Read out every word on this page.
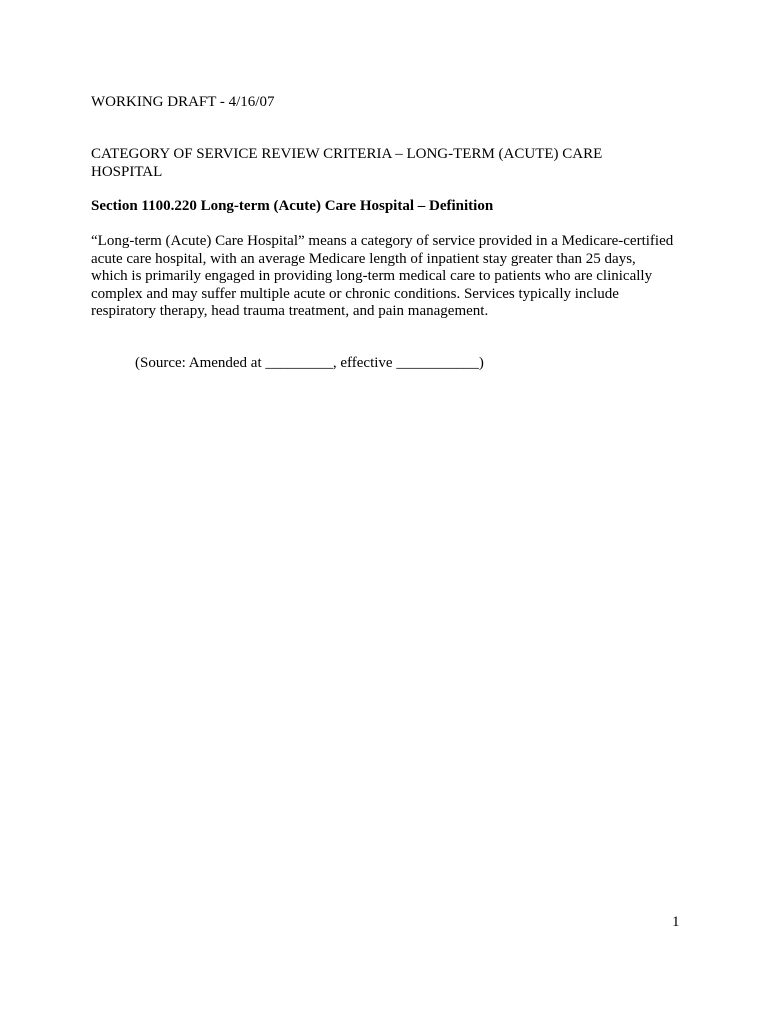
WORKING DRAFT - 4/16/07
CATEGORY OF SERVICE REVIEW CRITERIA – LONG-TERM (ACUTE) CARE
HOSPITAL
Section 1100.220 Long-term (Acute) Care Hospital – Definition
“Long-term (Acute) Care Hospital” means a category of service provided in a Medicare-certified
acute care hospital, with an average Medicare length of inpatient stay greater than 25 days,
which is primarily engaged in providing long-term medical care to patients who are clinically
complex and may suffer multiple acute or chronic conditions. Services typically include
respiratory therapy, head trauma treatment, and pain management.
(Source: Amended at _________, effective ___________)
1
